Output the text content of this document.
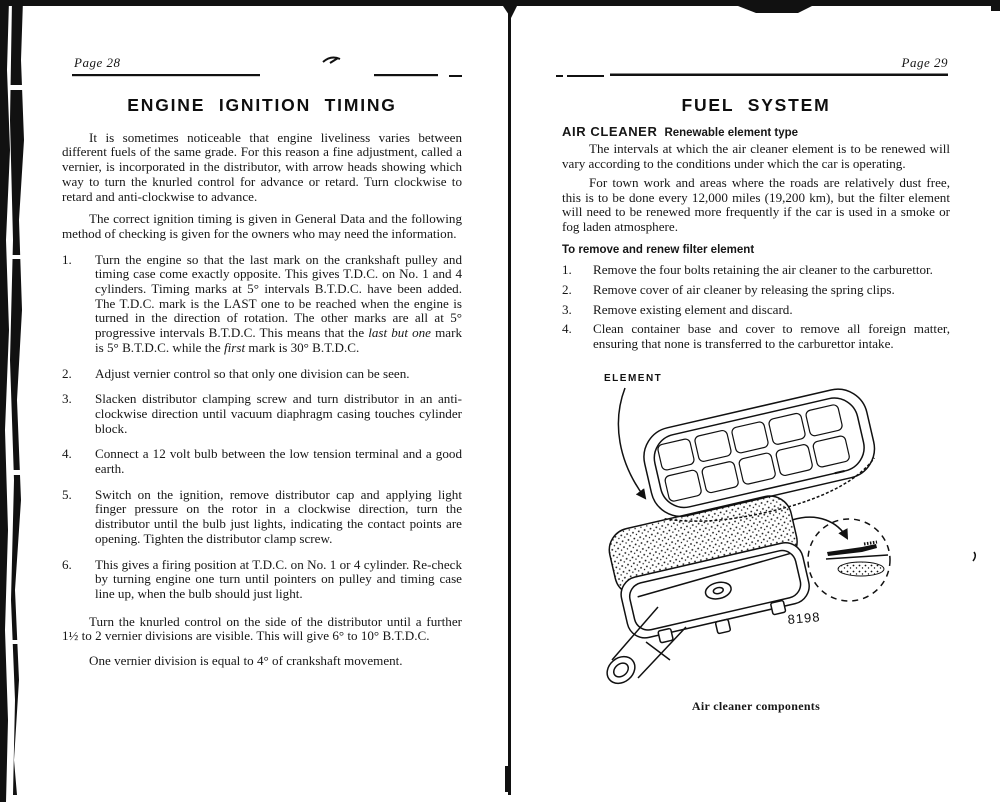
Page 28	Page 29
ENGINE IGNITION TIMING

It is sometimes noticeable that engine liveliness varies between different fuels of the same grade. For this reason a fine adjustment, called a vernier, is incorporated in the distributor, with arrow heads showing which way to turn the knurled control for advance or retard. Turn clockwise to retard and anti-clockwise to advance.

The correct ignition timing is given in General Data and the following method of checking is given for the owners who may need the information.

1.	Turn the engine so that the last mark on the crankshaft pulley and timing case come exactly opposite. This gives T.D.C. on No. 1 and 4 cylinders. Timing marks at 5° intervals B.T.D.C. have been added. The T.D.C. mark is the LAST one to be reached when the engine is turned in the direction of rotation. The other marks are all at 5° progressive intervals B.T.D.C. This means that the last but one mark is 5° B.T.D.C. while the first mark is 30° B.T.D.C.
2.	Adjust vernier control so that only one division can be seen.
3.	Slacken distributor clamping screw and turn distributor in an anti-clockwise direction until vacuum diaphragm casing touches cylinder block.
4.	Connect a 12 volt bulb between the low tension terminal and a good earth.
5.	Switch on the ignition, remove distributor cap and applying light finger pressure on the rotor in a clockwise direction, turn the distributor until the bulb just lights, indicating the contact points are opening. Tighten the distributor clamp screw.
6.	This gives a firing position at T.D.C. on No. 1 or 4 cylinder. Re-check by turning engine one turn until pointers on pulley and timing case line up, when the bulb should just light.

Turn the knurled control on the side of the distributor until a further 1½ to 2 vernier divisions are visible. This will give 6° to 10° B.T.D.C.

One vernier division is equal to 4° of crankshaft movement.

FUEL SYSTEM
AIR CLEANER Renewable element type

The intervals at which the air cleaner element is to be renewed will vary according to the conditions under which the car is operating.

For town work and areas where the roads are relatively dust free, this is to be done every 12,000 miles (19,200 km), but the filter element will need to be renewed more frequently if the car is used in a smoke or fog laden atmosphere.

To remove and renew filter element
1.	Remove the four bolts retaining the air cleaner to the carburettor.
2.	Remove cover of air cleaner by releasing the spring clips.
3.	Remove existing element and discard.
4.	Clean container base and cover to remove all foreign matter, ensuring that none is transferred to the carburettor intake.
ELEMENT
8198
Air cleaner components
